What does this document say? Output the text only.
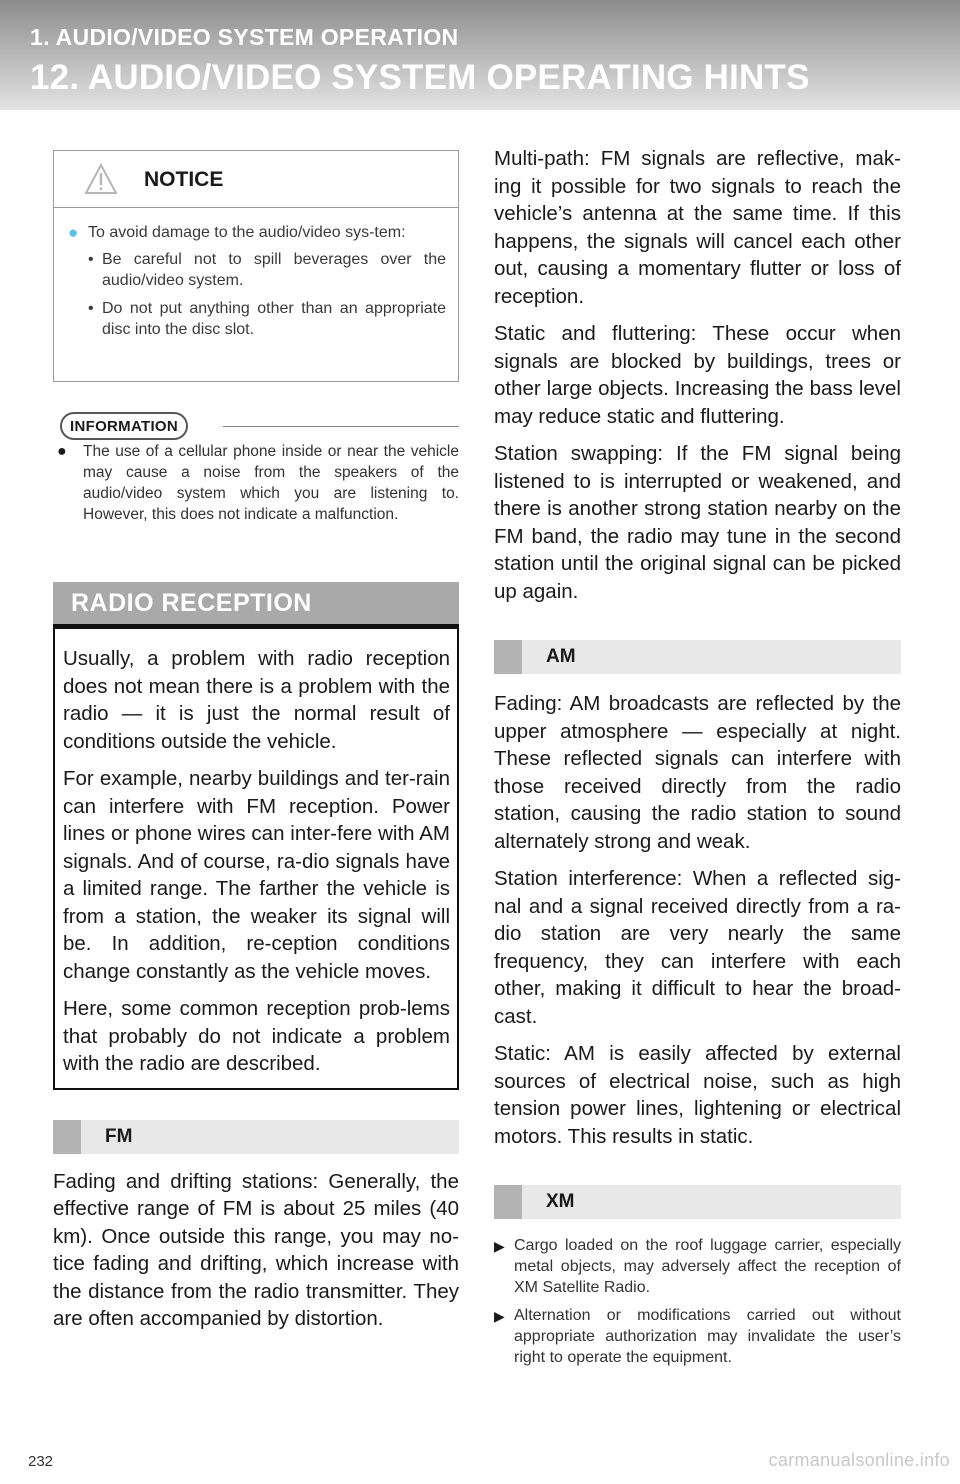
1. AUDIO/VIDEO SYSTEM OPERATION
12. AUDIO/VIDEO SYSTEM OPERATING HINTS
NOTICE
● To avoid damage to the audio/video sys-tem:
• Be careful not to spill beverages over the audio/video system.
• Do not put anything other than an appropriate disc into the disc slot.
INFORMATION
●	The use of a cellular phone inside or near the vehicle may cause a noise from the speakers of the audio/video system which you are listening to. However, this does not indicate a malfunction.
RADIO RECEPTION

Usually, a problem with radio reception does not mean there is a problem with the radio — it is just the normal result of conditions outside the vehicle.

For example, nearby buildings and ter-rain can interfere with FM reception. Power lines or phone wires can inter-fere with AM signals. And of course, ra-dio signals have a limited range. The farther the vehicle is from a station, the weaker its signal will be. In addition, re-ception conditions change constantly as the vehicle moves.

Here, some common reception prob-lems that probably do not indicate a problem with the radio are described.

FM

Fading and drifting stations: Generally, the effective range of FM is about 25 miles (40 km). Once outside this range, you may no-tice fading and drifting, which increase with the distance from the radio transmitter. They are often accompanied by distortion.

Multi-path: FM signals are reflective, mak-ing it possible for two signals to reach the vehicle’s antenna at the same time. If this happens, the signals will cancel each other out, causing a momentary flutter or loss of reception.

Static and fluttering: These occur when signals are blocked by buildings, trees or other large objects. Increasing the bass level may reduce static and fluttering.

Station swapping: If the FM signal being listened to is interrupted or weakened, and there is another strong station nearby on the FM band, the radio may tune in the second station until the original signal can be picked up again.

AM

Fading: AM broadcasts are reflected by the upper atmosphere — especially at night. These reflected signals can interfere with those received directly from the radio station, causing the radio station to sound alternately strong and weak.

Station interference: When a reflected sig-nal and a signal received directly from a ra-dio station are very nearly the same frequency, they can interfere with each other, making it difficult to hear the broad-cast.

Static: AM is easily affected by external sources of electrical noise, such as high tension power lines, lightening or electrical motors. This results in static.

XM
▶ Cargo loaded on the roof luggage carrier, especially metal objects, may adversely affect the reception of XM Satellite Radio.
▶ Alternation or modifications carried out without appropriate authorization may invalidate the user’s right to operate the equipment.
232	carmanualsonline.info
